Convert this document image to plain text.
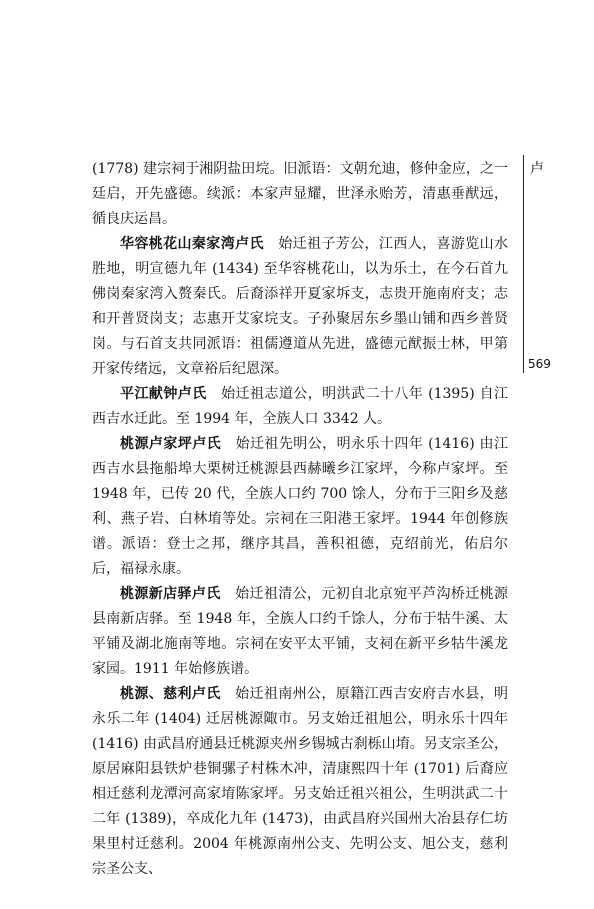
卢
569

(1778) 建宗祠于湘阴盐田垸。旧派语：文朝允迪，修仲金应，之一廷启，开先盛德。续派：本家声显耀，世泽永贻芳，清惠垂猷远，循良庆运昌。

华容桃花山秦家湾卢氏　始迁祖子芳公，江西人，喜游览山水胜地，明宣德九年 (1434) 至华容桃花山，以为乐土，在今石首九佛岗秦家湾入赘秦氏。后裔添祥开夏家坼支，志贵开施南府支；志和开普贤岗支；志惠开艾家垸支。子孙聚居东乡墨山铺和西乡普贤岗。与石首支共同派语：祖儒遵道从先进，盛德元猷振士林，甲第开家传绪远，文章裕后纪恩深。

平江献钟卢氏　始迁祖志道公，明洪武二十八年 (1395) 自江西吉水迁此。至 1994 年，全族人口 3342 人。

桃源卢家坪卢氏　始迁祖先明公，明永乐十四年 (1416) 由江西吉水县拖船埠大栗树迁桃源县西赫曦乡江家坪，今称卢家坪。至 1948 年，已传 20 代，全族人口约 700 馀人，分布于三阳乡及慈利、燕子岩、白林堉等处。宗祠在三阳港王家坪。1944 年创修族谱。派语：登士之邦，继序其昌，善积祖德，克绍前光，佑启尔后，福禄永康。

桃源新店驿卢氏　始迁祖清公，元初自北京宛平芦沟桥迁桃源县南新店驿。至 1948 年，全族人口约千馀人，分布于牯牛溪、太平铺及湖北施南等地。宗祠在安平太平铺，支祠在新平乡牯牛溪龙家园。1911 年始修族谱。

桃源、慈利卢氏　始迁祖南州公，原籍江西吉安府吉水县，明永乐二年 (1404) 迁居桃源陬市。另支始迁祖旭公，明永乐十四年 (1416) 由武昌府通县迁桃源夹州乡锡城古刹栎山堉。另支宗圣公，原居麻阳县铁炉巷铜骡子村株木冲，清康熙四十年 (1701) 后裔应相迁慈利龙潭河高家堉陈家坪。另支始迁祖兴祖公，生明洪武二十二年 (1389)，卒成化九年 (1473)，由武昌府兴国州大冶县存仁坊果里村迁慈利。2004 年桃源南州公支、先明公支、旭公支，慈利宗圣公支、
